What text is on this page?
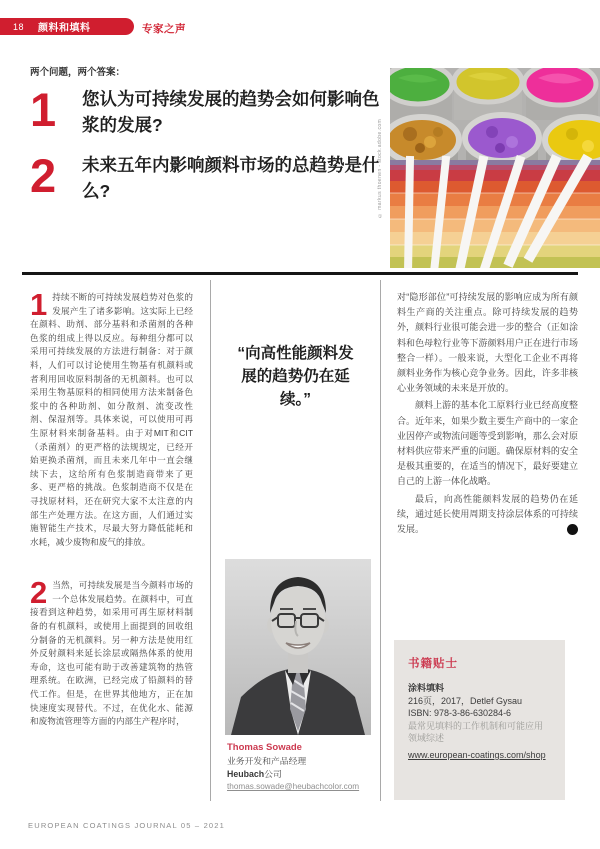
18 颜料和填料	专家之声
两个问题，两个答案：
1	您认为可持续发展的趋势会如何影响色浆的发展?
2	未来五年内影响颜料市场的总趋势是什么?	© markus thoenen - stock.adobe.com

1 持续不断的可持续发展趋势对色浆的发展产生了诸多影响。这实际上已经在颜料、助剂、部分基料和杀菌剂的各种色浆的组成上得以反应。每种组分都可以采用可持续发展的方法进行制备：对于颜料，人们可以讨论使用生物基有机颜料或者利用回收原料制备的无机颜料。也可以采用生物基原料的相同使用方法来制备色浆中的各种助剂、如分散剂、流变改性剂、保湿剂等。具体来说，可以使用可再生原材料来制备基料。由于对MIT和CIT（杀菌剂）的更严格的法规规定，已经开始更换杀菌剂，而且未来几年中一直会继续下去，这给所有色浆制造商带来了更多、更严格的挑战。色浆制造商不仅是在寻找原材料，还在研究大家不太注意的内部生产处理方法。在这方面，人们通过实施智能生产技术，尽最大努力降低能耗和水耗，减少废物和废气的排放。

2 当然，可持续发展是当今颜料市场的一个总体发展趋势。在颜料中，可直接看到这种趋势，如采用可再生原材料制备的有机颜料，或使用上面提到的回收组分制备的无机颜料。另一种方法是使用红外反射颜料来延长涂层或隔热体系的使用寿命，这也可能有助于改善建筑物的热管理系统。在欧洲，已经完成了铅颜料的替代工作。但是，在世界其他地方，正在加快速度实现替代。不过，在优化水、能源和废物流管理等方面的内部生产程序时，

“向高性能颜料发展的趋势仍在延续。”
Thomas Sowade
业务开发和产品经理
Heubach公司
thomas.sowade@heubachcolor.com

对“隐形部位”可持续发展的影响应成为所有颜料生产商的关注重点。除可持续发展的趋势外，颜料行业很可能会进一步的整合（正如涂料和色母粒行业等下游颜料用户正在进行市场整合一样）。一般来说，大型化工企业不再将颜料业务作为核心竞争业务。因此，许多非核心业务领域的未来是开放的。

颜料上游的基本化工原料行业已经高度整合。近年来，如果少数主要生产商中的一家企业因停产或物流问题等受到影响，那么会对原材料供应带来严重的问题。确保原材料的安全是极其重要的，在适当的情况下，最好要建立自己的上游一体化战略。

最后，向高性能颜料发展的趋势仍在延续，通过延长使用周期支持涂层体系的可持续发展。	◄

书籍贴士
涂料填料
216页，2017，Detlef Gysau
ISBN: 978-3-86-630284-6
最常见填料的工作机制和可能应用领域综述
www.european-coatings.com/shop
EUROPEAN COATINGS JOURNAL 05 – 2021
